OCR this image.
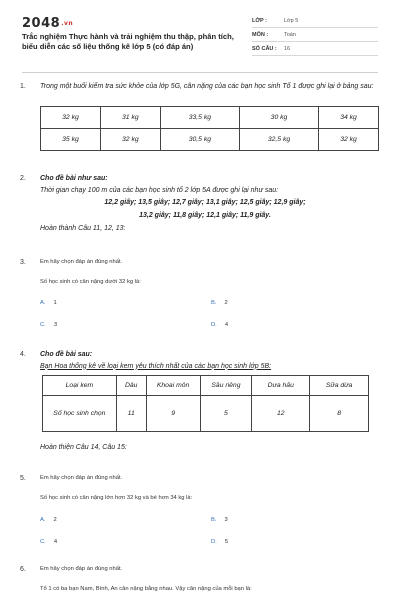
2048.vn
Trắc nghiệm Thực hành và trải nghiệm thu thập, phân tích, biểu diễn các số liệu thống kê lớp 5 (có đáp án)
LỚP :	Lớp 5
MÔN :	Toán
SỐ CÂU :	16
1. Trong một buổi kiểm tra sức khỏe của lớp 5G, cân nặng của các bạn học sinh Tổ 1 được ghi lại ở bảng sau:
32 kg	31 kg	33,5 kg	30 kg	34 kg
35 kg	32 kg	30,5 kg	32,5 kg	32 kg
2. Cho đề bài như sau:
Thời gian chạy 100 m của các bạn học sinh tổ 2 lớp 5A được ghi lại như sau:
12,2 giây; 13,5 giây; 12,7 giây; 13,1 giây; 12,5 giây; 12,9 giây;
13,2 giây; 11,8 giây; 12,1 giây; 11,9 giây.
Hoàn thành Câu 11, 12, 13:
3. Em hãy chọn đáp án đúng nhất.
Số học sinh có cân nặng dưới 32 kg là:
A. 1	B. 2
C. 3	D. 4
4. Cho đề bài sau:
Bạn Hoa thống kê về loại kem yêu thích nhất của các bạn học sinh lớp 5B:
Loại kem	Dâu	Khoai môn	Sầu riêng	Dưa hấu	Sữa dừa
Số học sinh chọn	11	9	5	12	8
Hoàn thiện Câu 14, Câu 15:
5. Em hãy chọn đáp án đúng nhất.
Số học sinh có cân nặng lớn hơn 32 kg và bé hơn 34 kg là:
A. 2	B. 3
C. 4	D. 5
6. Em hãy chọn đáp án đúng nhất.
Tổ 1 có ba bạn Nam, Bình, An cân nặng bằng nhau. Vậy cân nặng của mỗi bạn là:
